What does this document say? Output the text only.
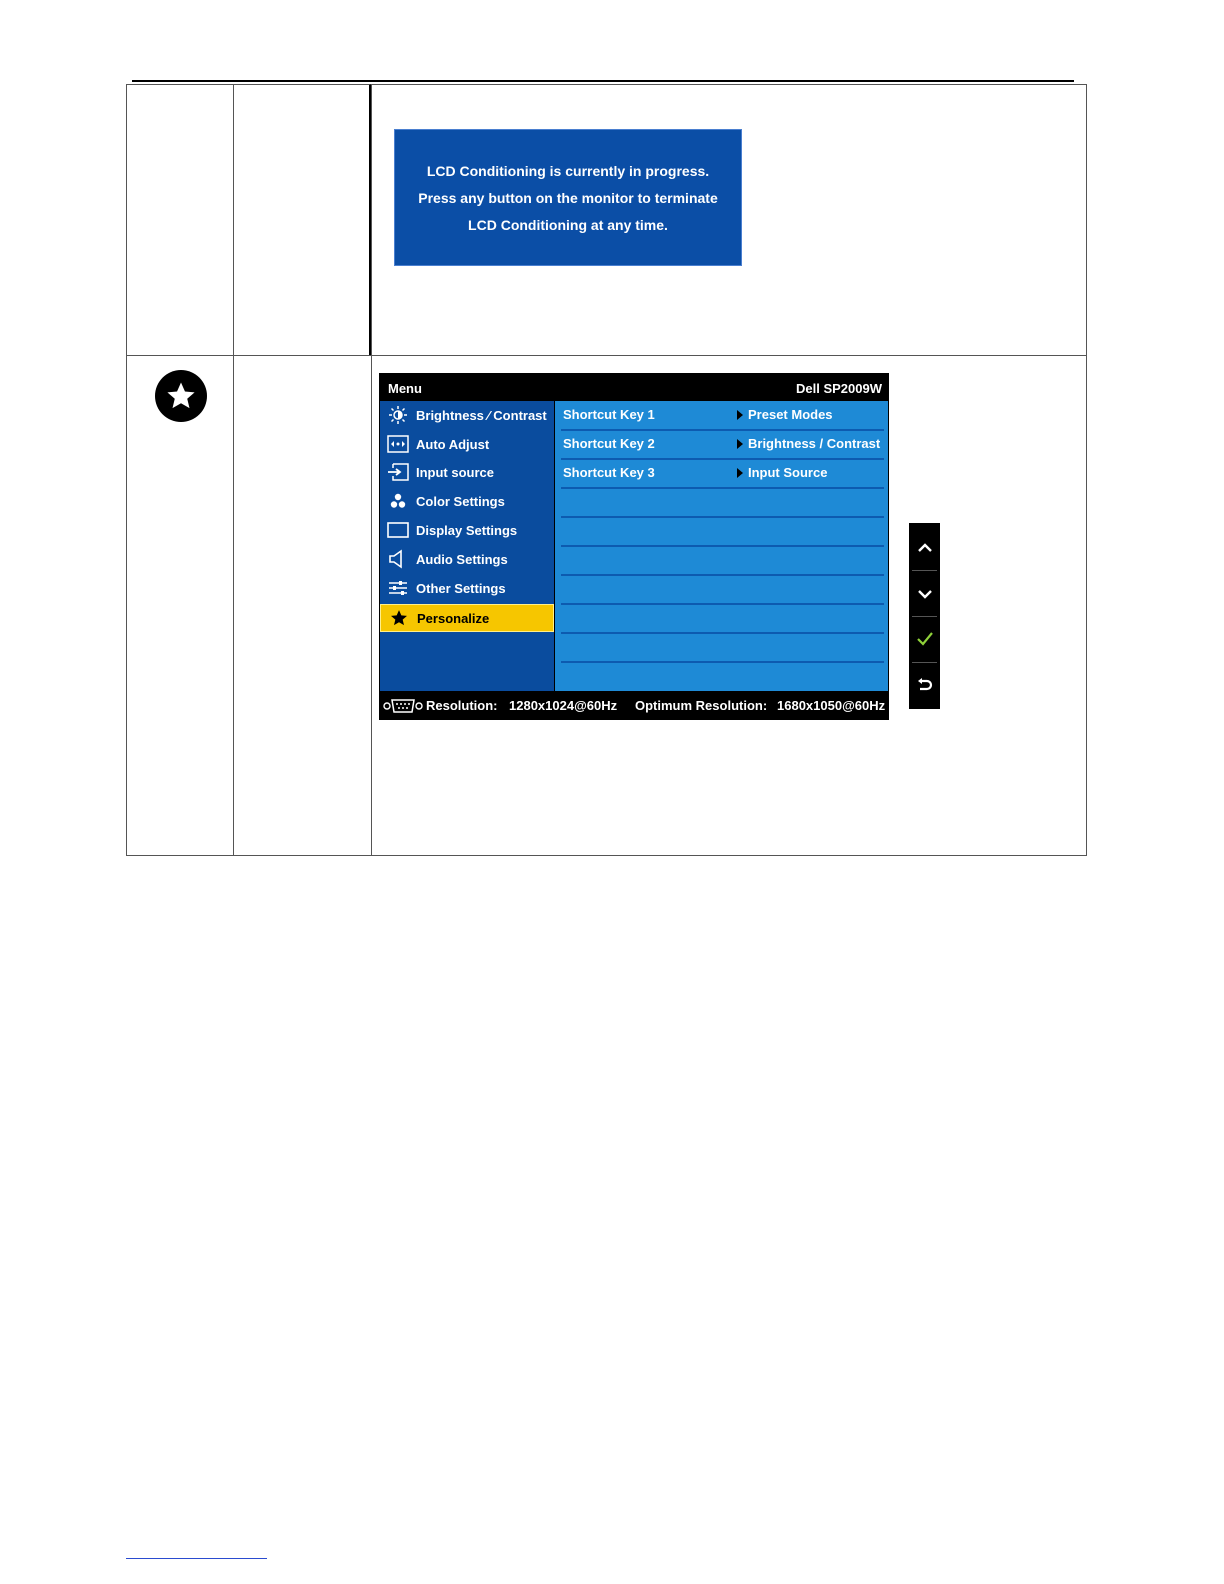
LCD Conditioning is currently in progress.
Press any button on the monitor to terminate
LCD Conditioning at any time.
Menu	Dell SP2009W
Brightness ⁄ Contrast
Auto Adjust
Input source
Color Settings
Display Settings
Audio Settings
Other Settings
Personalize
Shortcut Key 1	Preset Modes
Shortcut Key 2	Brightness / Contrast
Shortcut Key 3	Input Source
Resolution: 1280x1024@60Hz Optimum Resolution: 1680x1050@60Hz
